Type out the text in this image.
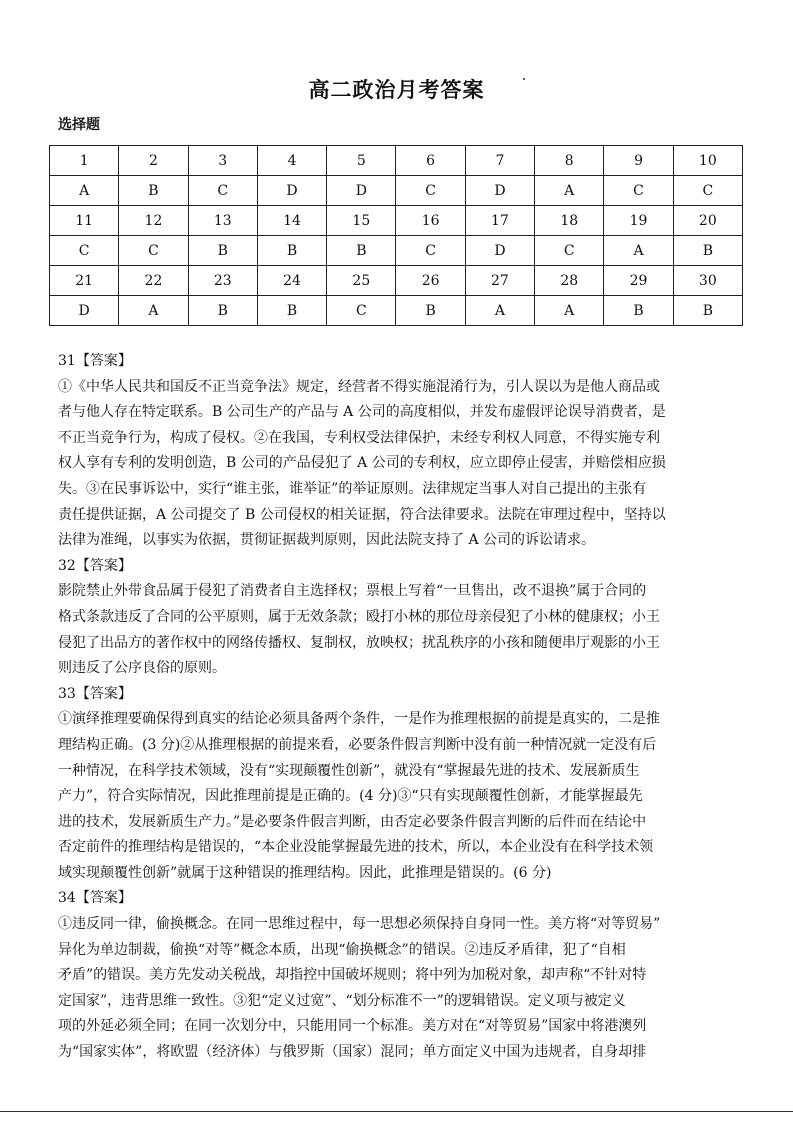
高二政治月考答案
选择题
1	2	3	4	5	6	7	8	9	10
A	B	C	D	D	C	D	A	C	C
11	12	13	14	15	16	17	18	19	20
C	C	B	B	B	C	D	C	A	B
21	22	23	24	25	26	27	28	29	30
D	A	B	B	C	B	A	A	B	B

31【答案】

①《中华人民共和国反不正当竞争法》规定，经营者不得实施混淆行为，引人误以为是他人商品或

者与他人存在特定联系。B 公司生产的产品与 A 公司的高度相似，并发布虚假评论误导消费者，是

不正当竞争行为，构成了侵权。②在我国，专利权受法律保护，未经专利权人同意，不得实施专利

权人享有专利的发明创造，B 公司的产品侵犯了 A 公司的专利权，应立即停止侵害，并赔偿相应损

失。③在民事诉讼中，实行“谁主张，谁举证”的举证原则。法律规定当事人对自己提出的主张有

责任提供证据，A 公司提交了 B 公司侵权的相关证据，符合法律要求。法院在审理过程中，坚持以

法律为准绳，以事实为依据，贯彻证据裁判原则，因此法院支持了 A 公司的诉讼请求。

32【答案】

影院禁止外带食品属于侵犯了消费者自主选择权；票根上写着“一旦售出，改不退换”属于合同的

格式条款违反了合同的公平原则，属于无效条款；殴打小林的那位母亲侵犯了小林的健康权；小王

侵犯了出品方的著作权中的网络传播权、复制权，放映权；扰乱秩序的小孩和随便串厅观影的小王

则违反了公序良俗的原则。

33【答案】

①演绎推理要确保得到真实的结论必须具备两个条件，一是作为推理根据的前提是真实的，二是推

理结构正确。(3 分)②从推理根据的前提来看，必要条件假言判断中没有前一种情况就一定没有后

一种情况，在科学技术领域，没有“实现颠覆性创新”，就没有“掌握最先进的技术、发展新质生

产力”，符合实际情况，因此推理前提是正确的。(4 分)③“只有实现颠覆性创新，才能掌握最先

进的技术，发展新质生产力。”是必要条件假言判断，由否定必要条件假言判断的后件而在结论中

否定前件的推理结构是错误的，“本企业没能掌握最先进的技术，所以，本企业没有在科学技术领

域实现颠覆性创新”就属于这种错误的推理结构。因此，此推理是错误的。(6 分)

34【答案】

①违反同一律，偷换概念。在同一思维过程中，每一思想必须保持自身同一性。美方将“对等贸易”

异化为单边制裁，偷换“对等”概念本质，出现“偷换概念”的错误。②违反矛盾律，犯了“自相

矛盾”的错误。美方先发动关税战，却指控中国破坏规则；将中列为加税对象，却声称“不针对特

定国家”，违背思维一致性。③犯“定义过宽”、“划分标准不一”的逻辑错误。定义项与被定义

项的外延必须全同；在同一次划分中，只能用同一个标准。美方对在“对等贸易”国家中将港澳列

为“国家实体”，将欧盟（经济体）与俄罗斯（国家）混同；单方面定义中国为违规者，自身却排
